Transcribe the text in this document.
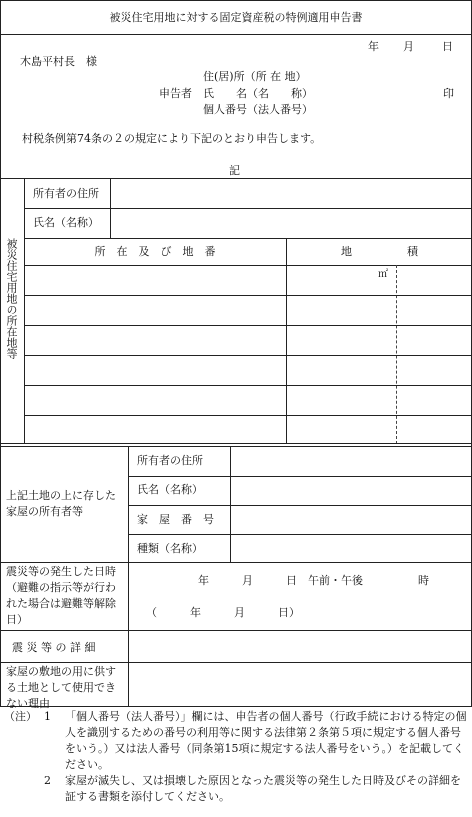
被災住宅用地に対する固定資産税の特例適用申告書
年 月	日
木島平村長　様
住(居)所（所 在 地）
申告者 氏　　名（名　　称）	印
個人番号（法人番号）
村税条例第74条の２の規定により下記のとおり申告します。
記
被災住宅用地の所在地等
所有者の住所
氏名（名称）
所　在　及　び　地　番	地　　　　　積
㎡
上記土地の上に存した家屋の所有者等
所有者の住所
氏名（名称）
家　屋　番　号
種類（名称）
震災等の発生した日時（避難の指示等が行われた場合は避難等解除日）
年　　　月　　　日　午前・午後　　　　　時
（　　　年　　　月　　　日）
震 災 等 の 詳 細
家屋の敷地の用に供する土地として使用できない理由
（注） 1 「個人番号（法人番号）」欄には、申告者の個人番号（行政手続における特定の個人を識別するための番号の利用等に関する法律第２条第５項に規定する個人番号をいう。）又は法人番号（同条第15項に規定する法人番号をいう。）を記載してください。
2 家屋が滅失し、又は損壊した原因となった震災等の発生した日時及びその詳細を証する書類を添付してください。
